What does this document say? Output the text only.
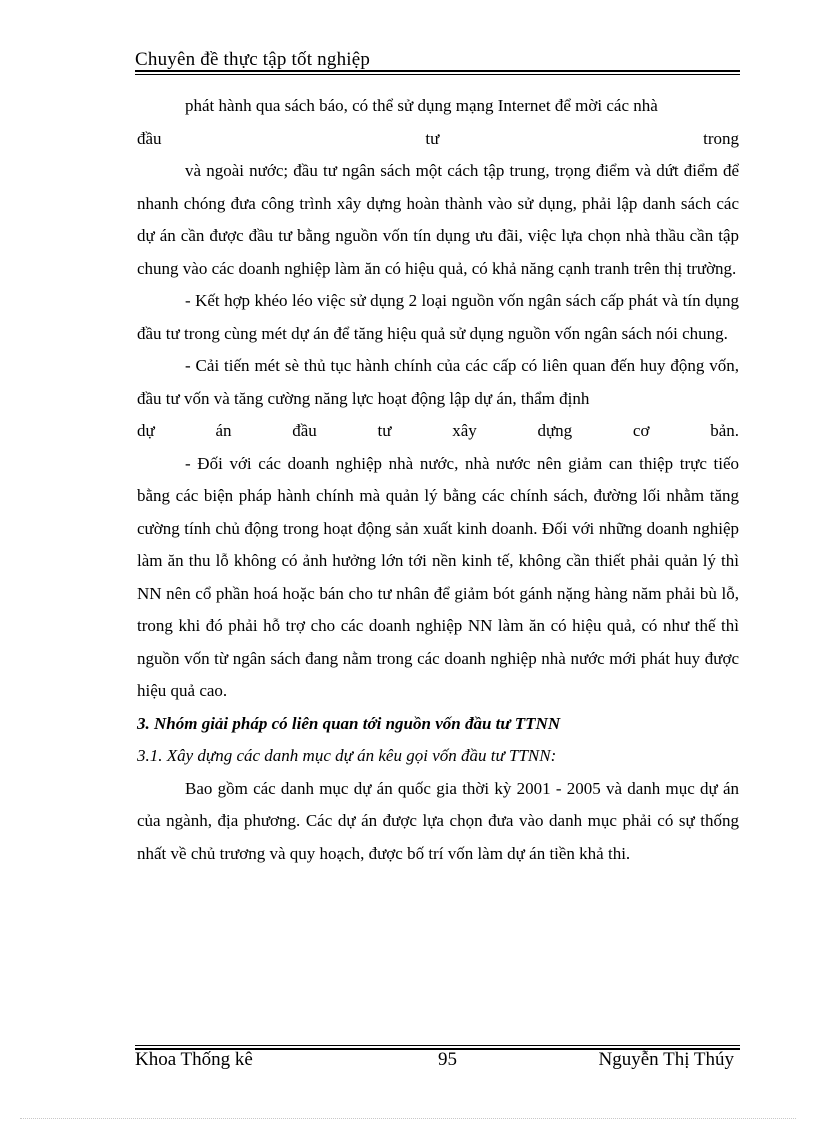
Chuyên đề thực tập tốt nghiệp

phát hành qua sách báo, có thể sử dụng mạng Internet để mời các nhà

đầu	tư	trong

và ngoài nước; đầu tư ngân sách một cách tập trung, trọng điểm và dứt điểm để nhanh chóng đưa công trình xây dựng hoàn thành vào sử dụng, phải lập danh sách các dự án cần được đầu tư bằng nguồn vốn tín dụng ưu đãi, việc lựa chọn nhà thầu cần tập chung vào các doanh nghiệp làm ăn có hiệu quả, có khả năng cạnh tranh trên thị trường.

- Kết hợp khéo léo việc sử dụng 2 loại nguồn vốn ngân sách cấp phát và tín dụng đầu tư trong cùng mét dự án để tăng hiệu quả sử dụng nguồn vốn ngân sách nói chung.

- Cải tiến mét sè thủ tục hành chính của các cấp có liên quan đến huy động vốn, đầu tư vốn và tăng cường năng lực hoạt động lập dự án, thẩm định

dự án đầu tư xây dựng cơ bản.

- Đối với các doanh nghiệp nhà nước, nhà nước nên giảm can thiệp trực tiếo bằng các biện pháp hành chính mà quản lý bằng các chính sách, đường lối nhằm tăng cường tính chủ động trong hoạt động sản xuất kinh doanh. Đối với những doanh nghiệp làm ăn thu lỗ không có ảnh hưởng lớn tới nền kinh tế, không cần thiết phải quản lý thì NN nên cổ phần hoá hoặc bán cho tư nhân để giảm bót gánh nặng hàng năm phải bù lỗ, trong khi đó phải hỗ trợ cho các doanh nghiệp NN làm ăn có hiệu quả, có như thế thì nguồn vốn từ ngân sách đang nằm trong các doanh nghiệp nhà nước mới phát huy được hiệu quả cao.

3. Nhóm giải pháp có liên quan tới nguồn vốn đầu tư TTNN

3.1. Xây dựng các danh mục dự án kêu gọi vốn đầu tư TTNN:

Bao gồm các danh mục dự án quốc gia thời kỳ 2001 - 2005 và danh mục dự án của ngành, địa phương. Các dự án được lựa chọn đưa vào danh mục phải có sự thống nhất về chủ trương và quy hoạch, được bố trí vốn làm dự án tiền khả thi.

Khoa Thống kê	95	Nguyễn Thị Thúy
